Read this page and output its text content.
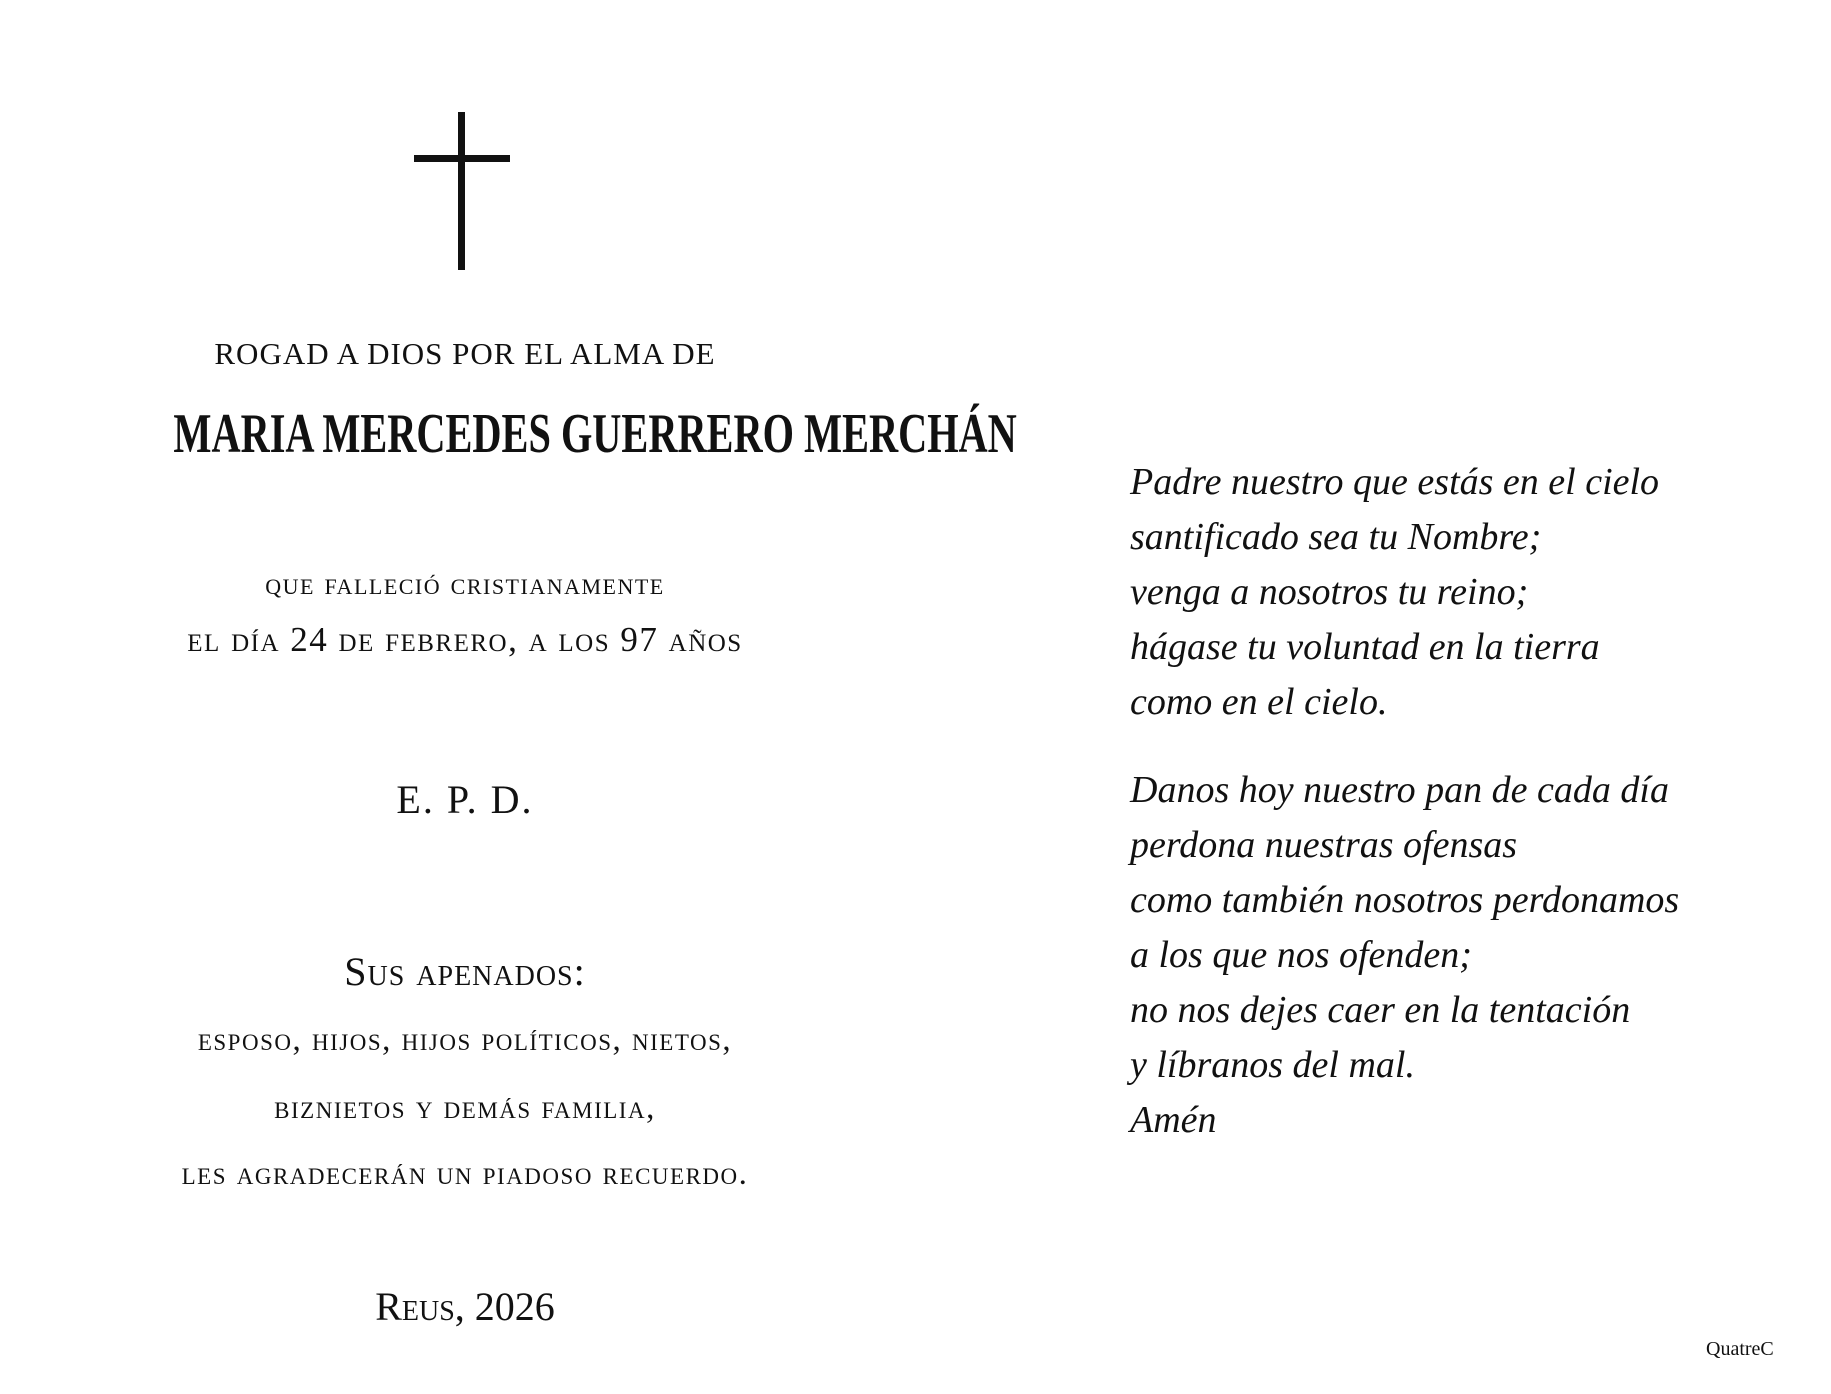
ROGAD A DIOS POR EL ALMA DE
MARIA MERCEDES GUERRERO MERCHÁN
que falleció cristianamente
el día 24 de febrero, a los 97 años
E. P. D.
Sus apenados:
esposo, hijos, hijos políticos, nietos,
biznietos y demás familia,
les agradecerán un piadoso recuerdo.
Reus, 2026

Padre nuestro que estás en el cielo
santificado sea tu Nombre;
venga a nosotros tu reino;
hágase tu voluntad en la tierra
como en el cielo.

Danos hoy nuestro pan de cada día
perdona nuestras ofensas
como también nosotros perdonamos
a los que nos ofenden;
no nos dejes caer en la tentación
y líbranos del mal.
Amén

QuatreC
